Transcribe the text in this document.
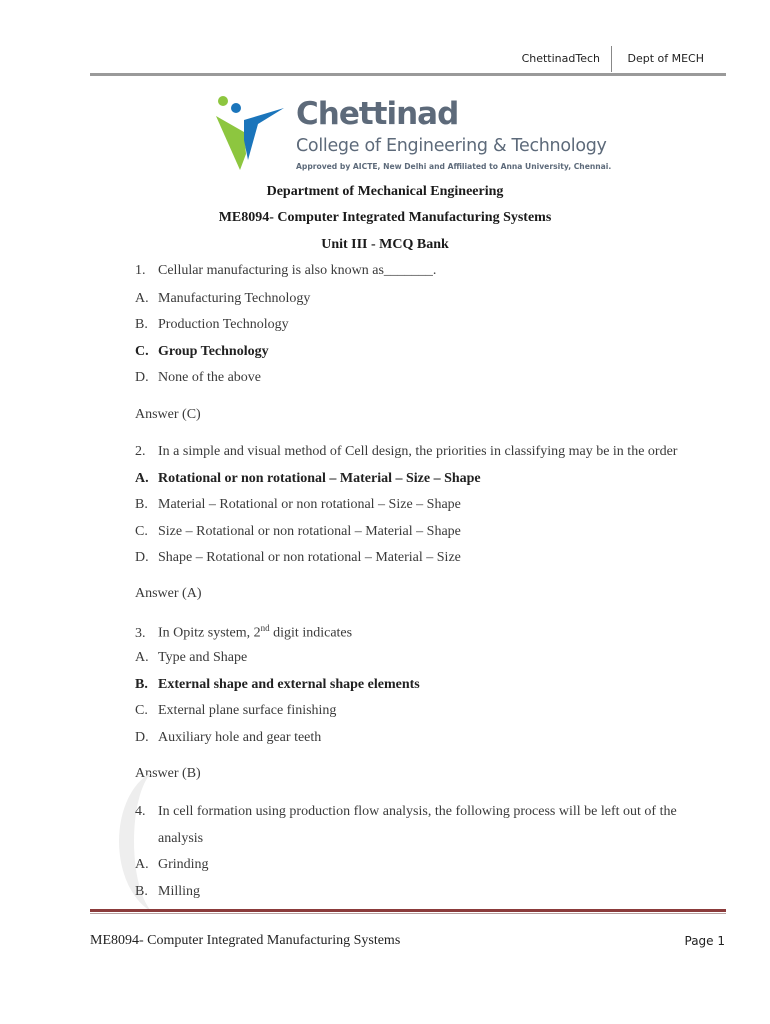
ChettinadTech Dept of MECH
Chettinad
College of Engineering & Technology
Approved by AICTE, New Delhi and Affiliated to Anna University, Chennai.
Department of Mechanical Engineering
ME8094- Computer Integrated Manufacturing Systems
Unit III - MCQ Bank
1. Cellular manufacturing is also known as_______.
A. Manufacturing Technology
B. Production Technology
C. Group Technology
D. None of the above
Answer (C)
2. In a simple and visual method of Cell design, the priorities in classifying may be in the order
A. Rotational or non rotational – Material – Size – Shape
B. Material – Rotational or non rotational – Size – Shape
C. Size – Rotational or non rotational – Material – Shape
D. Shape – Rotational or non rotational – Material – Size
Answer (A)
3. In Opitz system, 2nd digit indicates
A. Type and Shape
B. External shape and external shape elements
C. External plane surface finishing
D. Auxiliary hole and gear teeth
Answer (B)
4. In cell formation using production flow analysis, the following process will be left out of the
analysis
A. Grinding
B. Milling
ME8094- Computer Integrated Manufacturing Systems	Page 1
